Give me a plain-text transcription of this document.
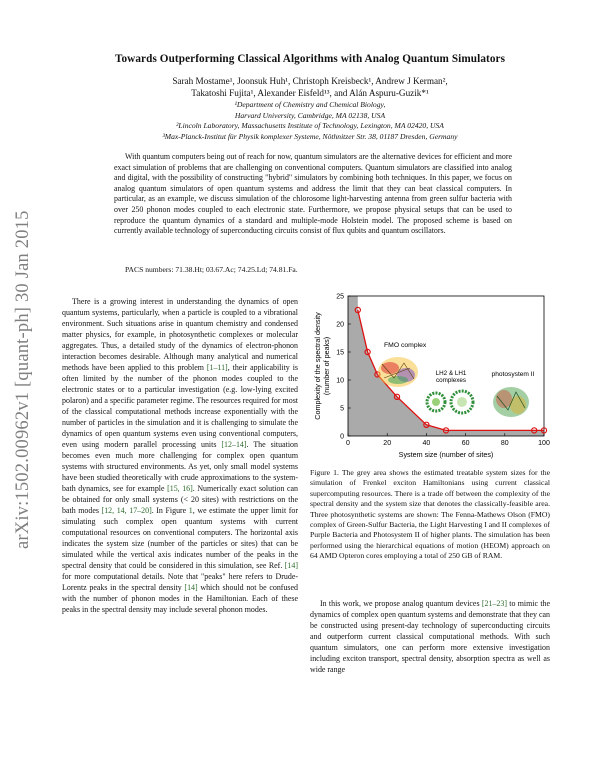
arXiv:1502.00962v1 [quant-ph] 30 Jan 2015
Towards Outperforming Classical Algorithms with Analog Quantum Simulators
Sarah Mostame¹, Joonsuk Huh¹, Christoph Kreisbeck¹, Andrew J Kerman²,
Takatoshi Fujita¹, Alexander Eisfeld¹³, and Alán Aspuru-Guzik*¹
¹Department of Chemistry and Chemical Biology,
Harvard University, Cambridge, MA 02138, USA
²Lincoln Laboratory, Massachusetts Institute of Technology, Lexington, MA 02420, USA
³Max-Planck-Institut für Physik komplexer Systeme, Nöthnitzer Str. 38, 01187 Dresden, Germany
With quantum computers being out of reach for now, quantum simulators are the alternative devices for efficient and more exact simulation of problems that are challenging on conventional computers. Quantum simulators are classified into analog and digital, with the possibility of constructing "hybrid" simulators by combining both techniques. In this paper, we focus on analog quantum simulators of open quantum systems and address the limit that they can beat classical computers. In particular, as an example, we discuss simulation of the chlorosome light-harvesting antenna from green sulfur bacteria with over 250 phonon modes coupled to each electronic state. Furthermore, we propose physical setups that can be used to reproduce the quantum dynamics of a standard and multiple-mode Holstein model. The proposed scheme is based on currently available technology of superconducting circuits consist of flux qubits and quantum oscillators.
PACS numbers: 71.38.Ht; 03.67.Ac; 74.25.Ld; 74.81.Fa.
There is a growing interest in understanding the dynamics of open quantum systems, particularly, when a particle is coupled to a vibrational environment. Such situations arise in quantum chemistry and condensed matter physics, for example, in photosynthetic complexes or molecular aggregates. Thus, a detailed study of the dynamics of electron-phonon interaction becomes desirable. Although many analytical and numerical methods have been applied to this problem [1–11], their applicability is often limited by the number of the phonon modes coupled to the electronic states or to a particular investigation (e.g. low-lying excited polaron) and a specific parameter regime. The resources required for most of the classical computational methods increase exponentially with the number of particles in the simulation and it is challenging to simulate the dynamics of open quantum systems even using conventional computers, even using modern parallel processing units [12–14]. The situation becomes even much more challenging for complex open quantum systems with structured environments. As yet, only small model systems have been studied theoretically with crude approximations to the system-bath dynamics, see for example [15, 16]. Numerically exact solution can be obtained for only small systems (< 20 sites) with restrictions on the bath modes [12, 14, 17–20]. In Figure 1, we estimate the upper limit for simulating such complex open quantum systems with current computational resources on conventional computers. The horizontal axis indicates the system size (number of the particles or sites) that can be simulated while the vertical axis indicates number of the peaks in the spectral density that could be considered in this simulation, see Ref. [14] for more computational details. Note that "peaks" here refers to Drude-Lorentz peaks in the spectral density [14] which should not be confused with the number of phonon modes in the Hamiltonian. Each of these peaks in the spectral density may include several phonon modes.
0	20	40	60	80	100
0
5
10
15
20
25
Complexity of the spectral density
System size (number of sites)
FMO complex
LH2 & LH1
complexes
photosystem II
(number of peaks)
Figure 1. The grey area shows the estimated treatable system sizes for the simulation of Frenkel exciton Hamiltonians using current classical supercomputing resources. There is a trade off between the complexity of the spectral density and the system size that denotes the classically-feasible area. Three photosynthetic systems are shown: The Fenna-Mathews Olson (FMO) complex of Green-Sulfur Bacteria, the Light Harvesting I and II complexes of Purple Bacteria and Photosystem II of higher plants. The simulation has been performed using the hierarchical equations of motion (HEOM) approach on 64 AMD Opteron cores employing a total of 250 GB of RAM.
In this work, we propose analog quantum devices [21–23] to mimic the dynamics of complex open quantum systems and demonstrate that they can be constructed using present-day technology of superconducting circuits and outperform current classical computational methods. With such quantum simulators, one can perform more extensive investigation including exciton transport, spectral density, absorption spectra as well as wide range
